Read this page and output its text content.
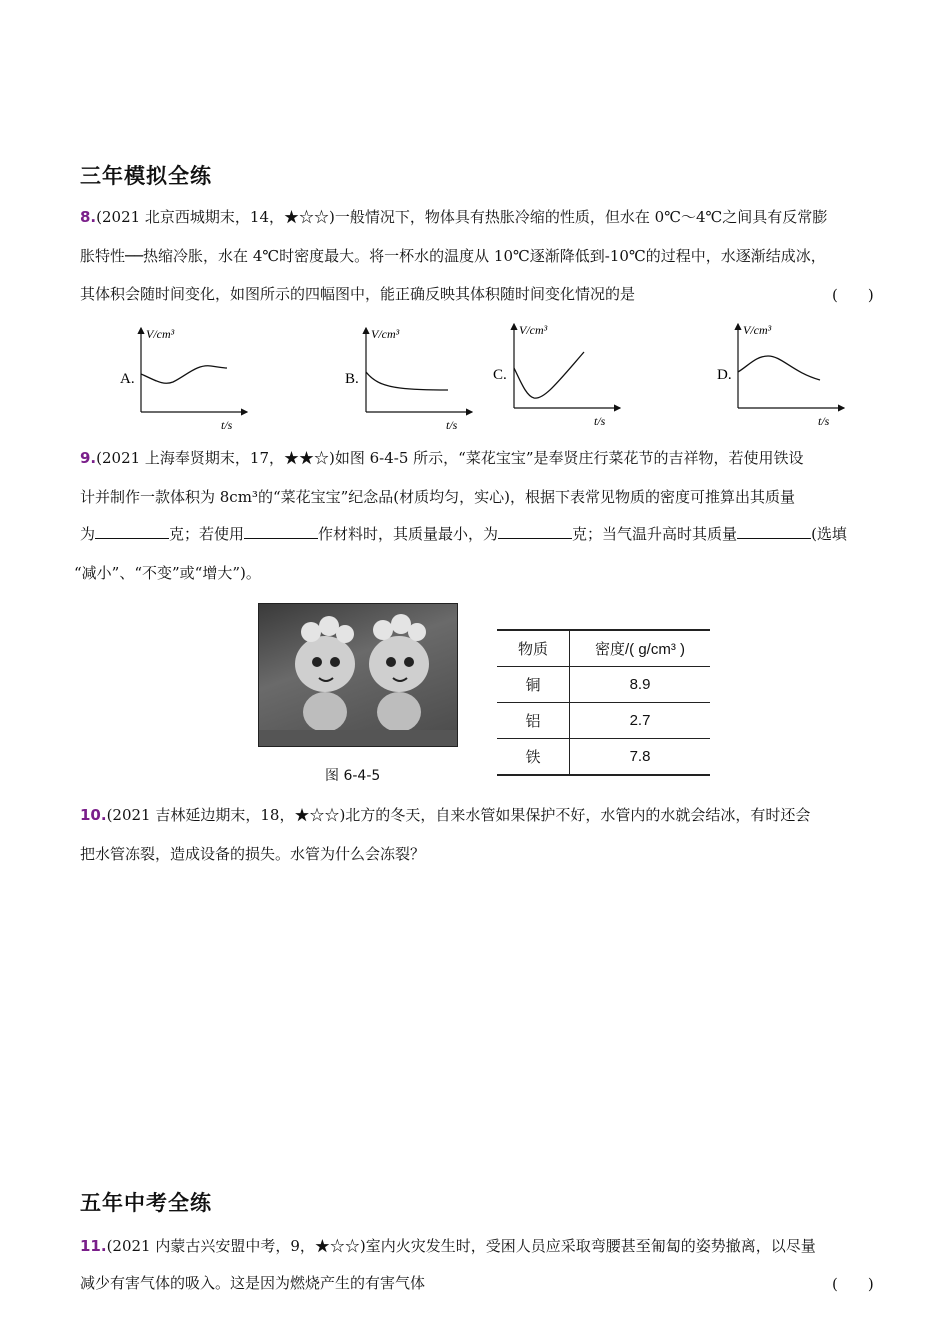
三年模拟全练
8.(2021 北京西城期末，14，★☆☆)一般情况下，物体具有热胀冷缩的性质，但水在 0℃～4℃之间具有反常膨
胀特性──热缩冷胀，水在 4℃时密度最大。将一杯水的温度从 10℃逐渐降低到-10℃的过程中，水逐渐结成冰，
其体积会随时间变化，如图所示的四幅图中，能正确反映其体积随时间变化情况的是	(　　)
V/cm³
t/s
A.
V/cm³
t/s
B.
V/cm³
t/s
C.
V/cm³
t/s
D.
9.(2021 上海奉贤期末，17，★★☆)如图 6-4-5 所示，“菜花宝宝”是奉贤庄行菜花节的吉祥物，若使用铁设
计并制作一款体积为 8cm³的“菜花宝宝”纪念品(材质均匀，实心)，根据下表常见物质的密度可推算出其质量
为	克；若使用	作材料时，其质量最小，为	克；当气温升高时其质量	(选填
“减小”、“不变”或“增大”)。
图 6-4-5
物质	密度/( g/cm³ )
铜	8.9
铝	2.7
铁	7.8
10.(2021 吉林延边期末，18，★☆☆)北方的冬天，自来水管如果保护不好，水管内的水就会结冰，有时还会
把水管冻裂，造成设备的损失。水管为什么会冻裂？
五年中考全练
11.(2021 内蒙古兴安盟中考，9，★☆☆)室内火灾发生时，受困人员应采取弯腰甚至匍匐的姿势撤离，以尽量
减少有害气体的吸入。这是因为燃烧产生的有害气体	(　　)
